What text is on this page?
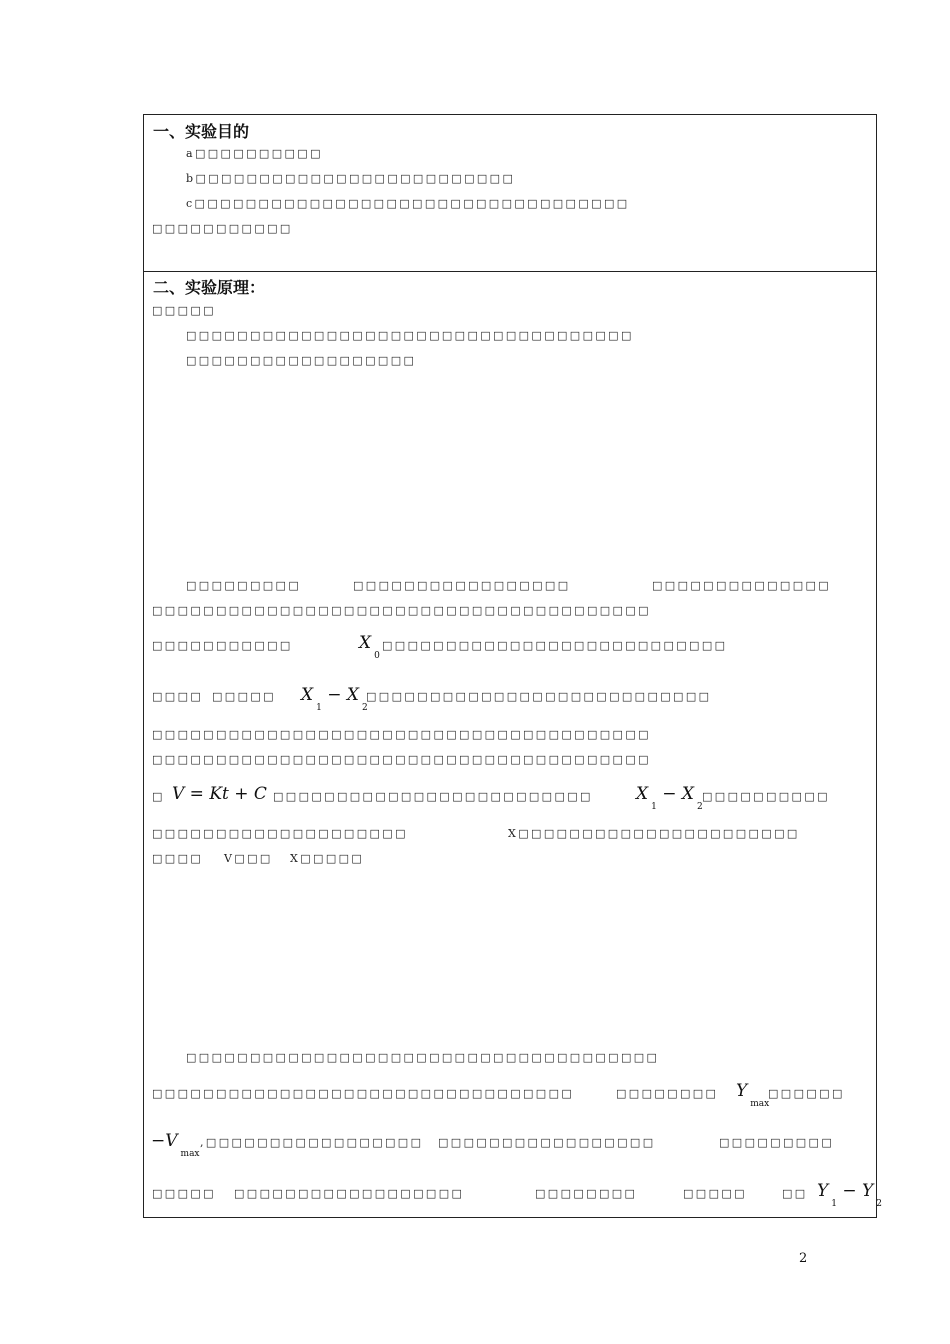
一、实验目的
a□□□□□□□□□□
b□□□□□□□□□□□□□□□□□□□□□□□□□
c□□□□□□□□□□□□□□□□□□□□□□□□□□□□□□□□□□
□□□□□□□□□□□
二、实验原理：
□□□□□
□□□□□□□□□□□□□□□□□□□□□□□□□□□□□□□□□□□
□□□□□□□□□□□□□□□□□□
□□□□□□□□□	□□□□□□□□□□□□□□□□□	□□□□□□□□□□□□□□
□□□□□□□□□□□□□□□□□□□□□□□□□□□□□□□□□□□□□□□
□□□□□□□□□□□	$X_0$
□□□□□□□□□□□□□□□□□□□□□□□□□□□
□□□□ □□□□□ $X_1 - X_2$
□□□□□□□□□□□□□□□□□□□□□□□□□□□
□□□□□□□□□□□□□□□□□□□□□□□□□□□□□□□□□□□□□□□
□□□□□□□□□□□□□□□□□□□□□□□□□□□□□□□□□□□□□□□
□ V = Kt + C □□□□□□□□□□□□□□□□□□□□□□□□□	$X_1 - X_2$
□□□□□□□□□□
□□□□□□□□□□□□□□□□□□□□	X□□□□□□□□□□□□□□□□□□□□□□
□□□□ V□□□ X□□□□□
□□□□□□□□□□□□□□□□□□□□□□□□□□□□□□□□□□□□□
□□□□□□□□□□□□□□□□□□□□□□□□□□□□□□□□□	□□□□□□□□ $Y_{max}$
□□□□□□
$-V_{max}$
,□□□□□□□□□□□□□□□□□ □□□□□□□□□□□□□□□□□	□□□□□□□□□
□□□□□ □□□□□□□□□□□□□□□□□□	□□□□□□□□	□□□□□	□□ $Y_1 - Y_2$
2
